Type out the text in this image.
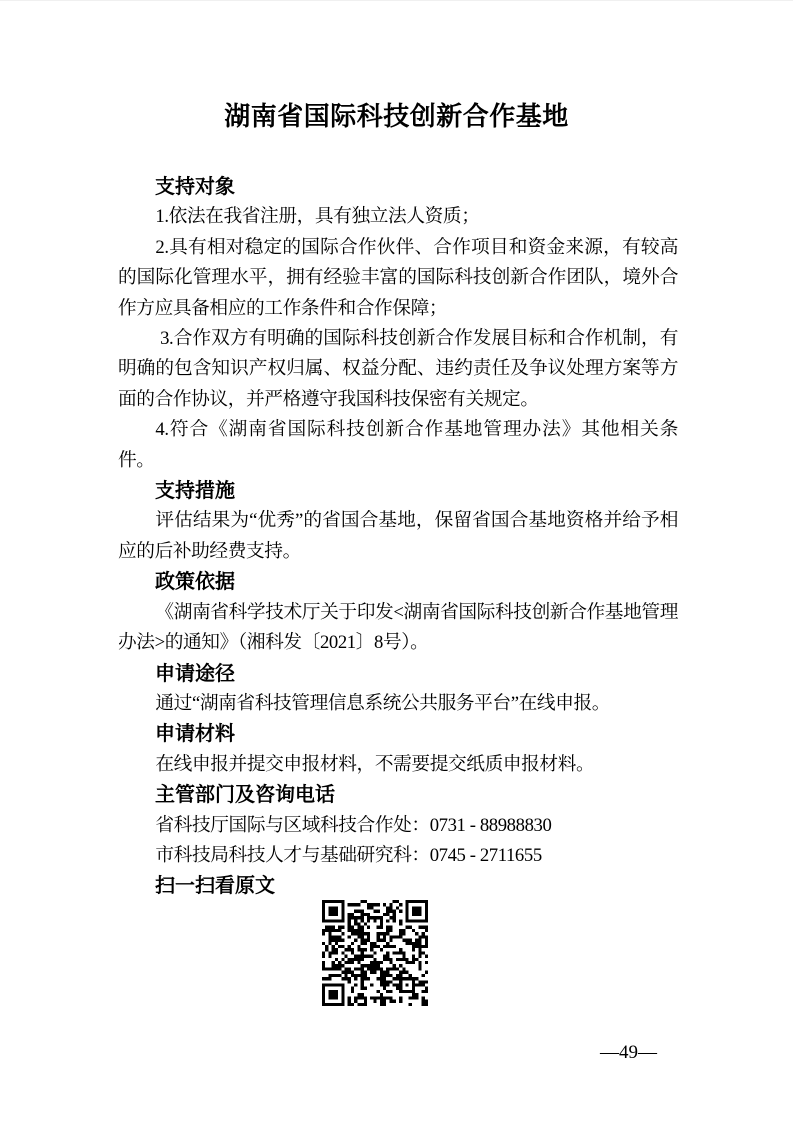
湖南省国际科技创新合作基地

支持对象

1.依法在我省注册，具有独立法人资质；

2.具有相对稳定的国际合作伙伴、合作项目和资金来源，有较高的国际化管理水平，拥有经验丰富的国际科技创新合作团队，境外合作方应具备相应的工作条件和合作保障；

3.合作双方有明确的国际科技创新合作发展目标和合作机制，有明确的包含知识产权归属、权益分配、违约责任及争议处理方案等方面的合作协议，并严格遵守我国科技保密有关规定。

4.符合《湖南省国际科技创新合作基地管理办法》其他相关条件。

支持措施

评估结果为“优秀”的省国合基地，保留省国合基地资格并给予相应的后补助经费支持。

政策依据

《湖南省科学技术厅关于印发<湖南省国际科技创新合作基地管理办法>的通知》（湘科发〔2021〕8号）。

申请途径

通过“湖南省科技管理信息系统公共服务平台”在线申报。

申请材料

在线申报并提交申报材料，不需要提交纸质申报材料。

主管部门及咨询电话

省科技厅国际与区域科技合作处：0731 - 88988830

市科技局科技人才与基础研究科：0745 - 2711655

扫一扫看原文

—49—
